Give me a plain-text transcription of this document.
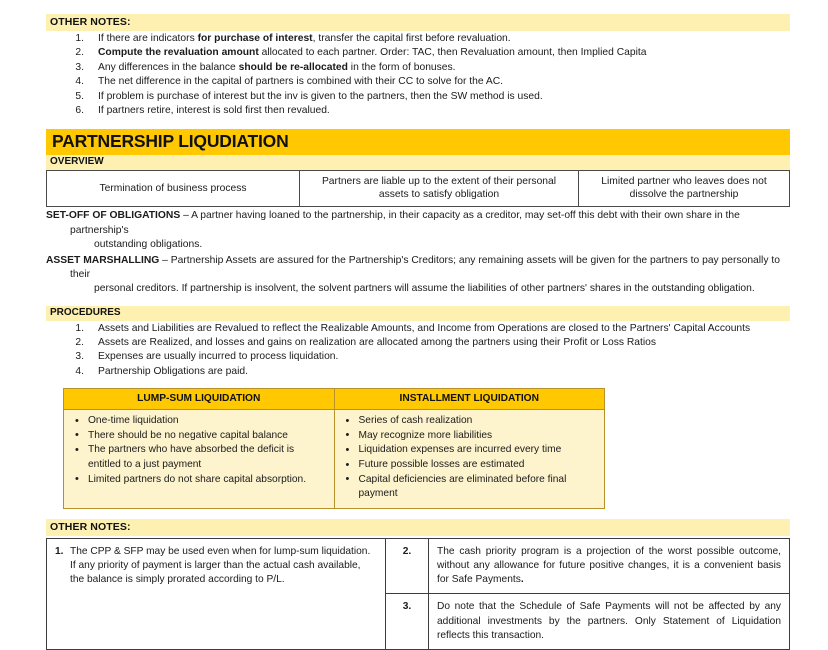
OTHER NOTES:
1. If there are indicators for purchase of interest, transfer the capital first before revaluation.
2. Compute the revaluation amount allocated to each partner. Order: TAC, then Revaluation amount, then Implied Capita
3. Any differences in the balance should be re-allocated in the form of bonuses.
4. The net difference in the capital of partners is combined with their CC to solve for the AC.
5. If problem is purchase of interest but the inv is given to the partners, then the SW method is used.
6. If partners retire, interest is sold first then revalued.
PARTNERSHIP LIQUDIATION
OVERVIEW
Termination of business process	Partners are liable up to the extent of their personal assets to satisfy obligation	Limited partner who leaves does not dissolve the partnership
SET-OFF OF OBLIGATIONS – A partner having loaned to the partnership, in their capacity as a creditor, may set-off this debt with their own share in the partnership's
outstanding obligations.
ASSET MARSHALLING – Partnership Assets are assured for the Partnership's Creditors; any remaining assets will be given for the partners to pay personally to their
personal creditors. If partnership is insolvent, the solvent partners will assume the liabilities of other partners' shares in the outstanding obligation.
PROCEDURES
1. Assets and Liabilities are Revalued to reflect the Realizable Amounts, and Income from Operations are closed to the Partners' Capital Accounts
2. Assets are Realized, and losses and gains on realization are allocated among the partners using their Profit or Loss Ratios
3. Expenses are usually incurred to process liquidation.
4. Partnership Obligations are paid.
LUMP-SUM LIQUIDATION	INSTALLMENT LIQUIDATION

• One-time liquidation
• There should be no negative capital balance
• The partners who have absorbed the deficit is entitled to a just payment
• Limited partners do not share capital absorption.

• Series of cash realization
• May recognize more liabilities
• Liquidation expenses are incurred every time
• Future possible losses are estimated
• Capital deficiencies are eliminated before final payment
OTHER NOTES:
1. The CPP & SFP may be used even when for lump-sum liquidation. If any priority of payment is larger than the actual cash available, the balance is simply prorated according to P/L.	2.	The cash priority program is a projection of the worst possible outcome, without any allowance for future positive changes, it is a convenient basis for Safe Payments.
	3.	Do note that the Schedule of Safe Payments will not be affected by any additional investments by the partners. Only Statement of Liquidation reflects this transaction.
